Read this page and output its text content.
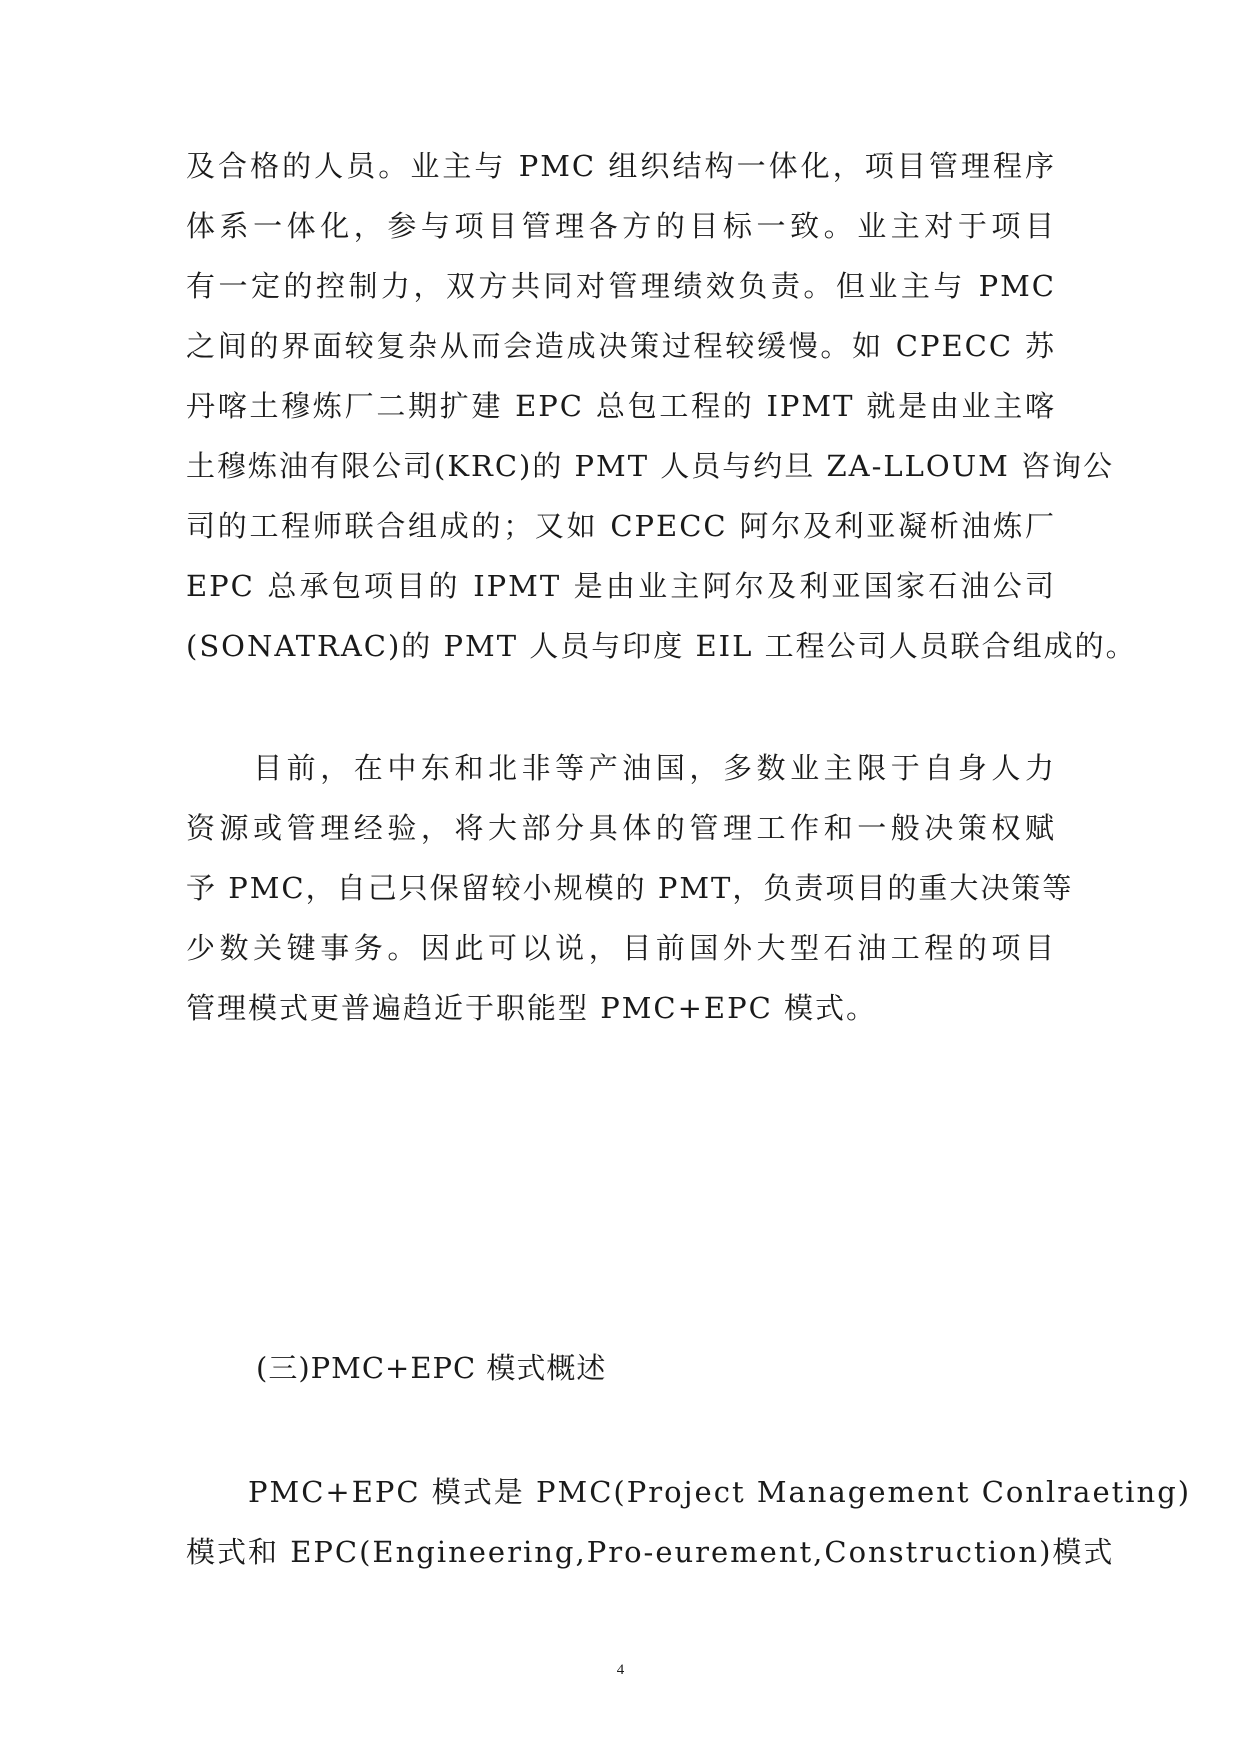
及合格的人员。业主与 PMC 组织结构一体化，项目管理程序
体系一体化，参与项目管理各方的目标一致。业主对于项目
有一定的控制力，双方共同对管理绩效负责。但业主与 PMC
之间的界面较复杂从而会造成决策过程较缓慢。如 CPECC 苏
丹喀土穆炼厂二期扩建 EPC 总包工程的 IPMT 就是由业主喀
土穆炼油有限公司(KRC)的 PMT 人员与约旦 ZA-LLOUM 咨询公
司的工程师联合组成的；又如 CPECC 阿尔及利亚凝析油炼厂
EPC 总承包项目的 IPMT 是由业主阿尔及利亚国家石油公司
(SONATRAC)的 PMT 人员与印度 EIL 工程公司人员联合组成的。
　　目前，在中东和北非等产油国，多数业主限于自身人力
资源或管理经验，将大部分具体的管理工作和一般决策权赋
予 PMC，自己只保留较小规模的 PMT，负责项目的重大决策等
少数关键事务。因此可以说，目前国外大型石油工程的项目
管理模式更普遍趋近于职能型 PMC+EPC 模式。
(三)PMC+EPC 模式概述
　　PMC+EPC 模式是 PMC(Project Management Conlraeting)
模式和 EPC(Engineering,Pro-eurement,Construction)模式
4
